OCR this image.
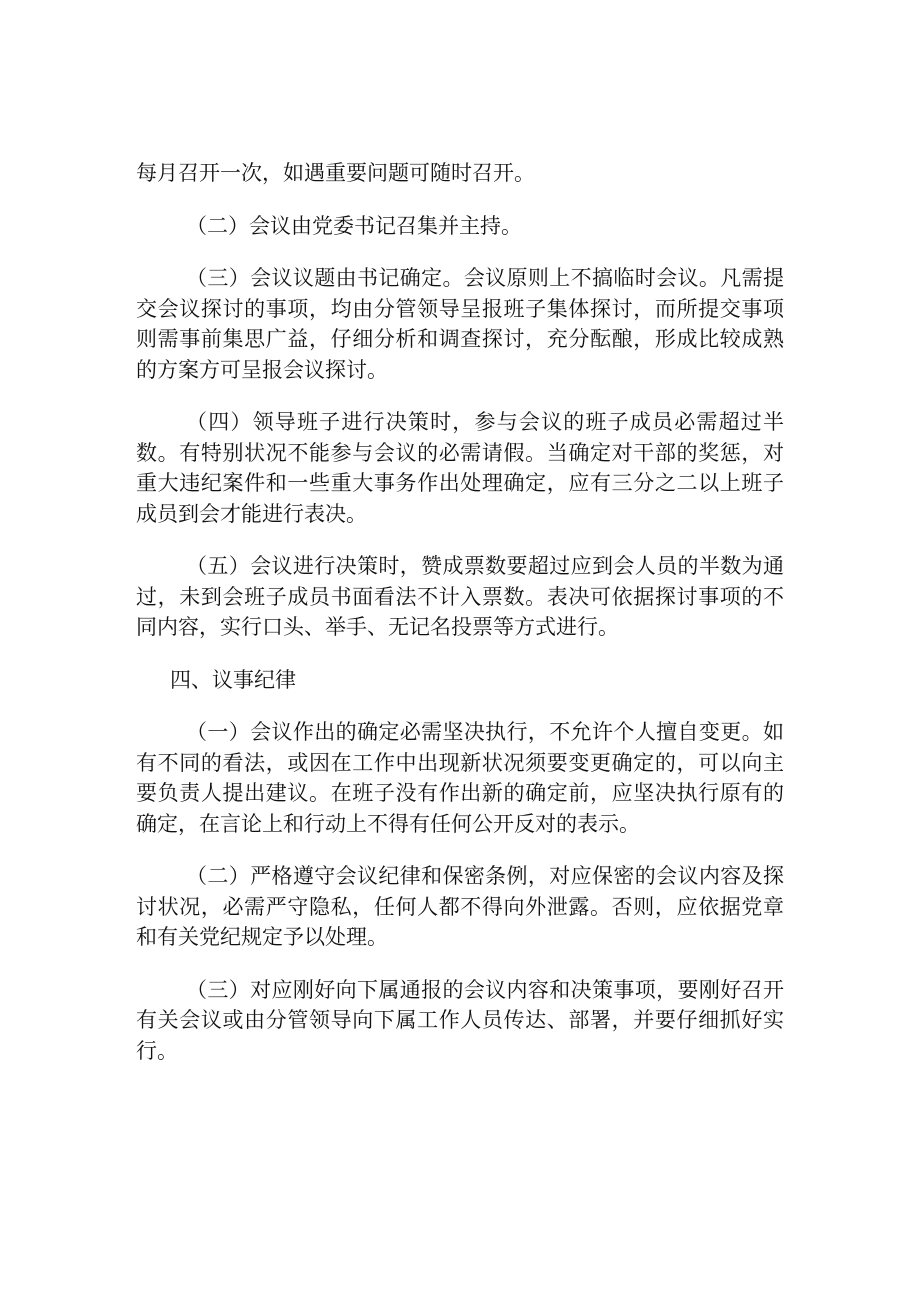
每月召开一次，如遇重要问题可随时召开。

（二）会议由党委书记召集并主持。

（三）会议议题由书记确定。会议原则上不搞临时会议。凡需提交会议探讨的事项，均由分管领导呈报班子集体探讨，而所提交事项则需事前集思广益，仔细分析和调查探讨，充分酝酿，形成比较成熟的方案方可呈报会议探讨。

（四）领导班子进行决策时，参与会议的班子成员必需超过半数。有特别状况不能参与会议的必需请假。当确定对干部的奖惩，对重大违纪案件和一些重大事务作出处理确定，应有三分之二以上班子成员到会才能进行表决。

（五）会议进行决策时，赞成票数要超过应到会人员的半数为通过，未到会班子成员书面看法不计入票数。表决可依据探讨事项的不同内容，实行口头、举手、无记名投票等方式进行。

四、议事纪律

（一）会议作出的确定必需坚决执行，不允许个人擅自变更。如有不同的看法，或因在工作中出现新状况须要变更确定的，可以向主要负责人提出建议。在班子没有作出新的确定前，应坚决执行原有的确定，在言论上和行动上不得有任何公开反对的表示。

（二）严格遵守会议纪律和保密条例，对应保密的会议内容及探讨状况，必需严守隐私，任何人都不得向外泄露。否则，应依据党章和有关党纪规定予以处理。

（三）对应刚好向下属通报的会议内容和决策事项，要刚好召开有关会议或由分管领导向下属工作人员传达、部署，并要仔细抓好实行。
